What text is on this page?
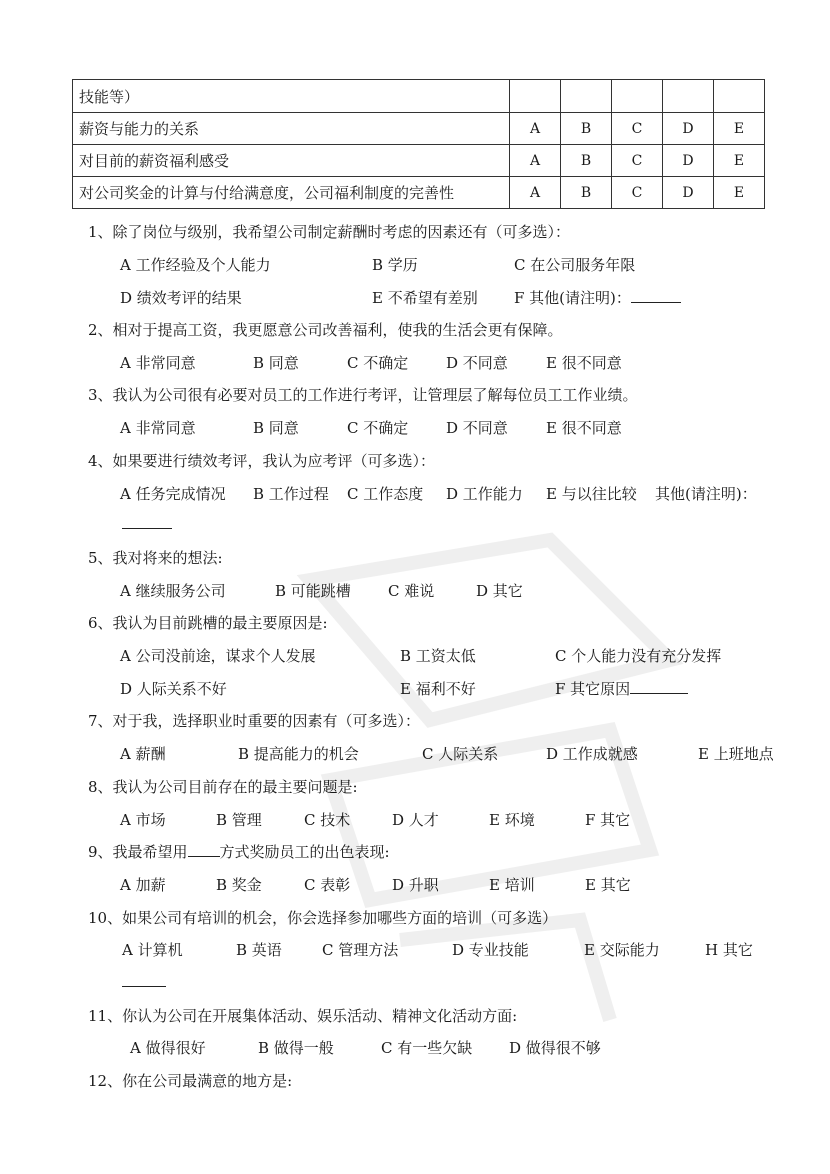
技能等）					
薪资与能力的关系	A	B	C	D	E
对目前的薪资福利感受	A	B	C	D	E
对公司奖金的计算与付给满意度，公司福利制度的完善性	A	B	C	D	E
1、除了岗位与级别，我希望公司制定薪酬时考虑的因素还有（可多选）：
A 工作经验及个人能力	B 学历	C 在公司服务年限
D 绩效考评的结果	E 不希望有差别 F 其他(请注明)：
2、相对于提高工资，我更愿意公司改善福利，使我的生活会更有保障。
A 非常同意	B 同意	C 不确定	D 不同意	E 很不同意
3、我认为公司很有必要对员工的工作进行考评，让管理层了解每位员工工作业绩。
A 非常同意	B 同意	C 不确定	D 不同意	E 很不同意
4、如果要进行绩效考评，我认为应考评（可多选）：
A 任务完成情况 B 工作过程 C 工作态度 D 工作能力 E 与以往比较 其他(请注明)：
5、我对将来的想法:
A 继续服务公司	B 可能跳槽 C 难说	D 其它
6、我认为目前跳槽的最主要原因是:
A 公司没前途，谋求个人发展	B 工资太低	C 个人能力没有充分发挥
D 人际关系不好	E 福利不好	F 其它原因
7、对于我，选择职业时重要的因素有（可多选）：
A 薪酬	B 提高能力的机会	C 人际关系	D 工作成就感	E 上班地点
8、我认为公司目前存在的最主要问题是:
A 市场	B 管理	C 技术	D 人才	E 环境	F 其它
9、我最希望用 方式奖励员工的出色表现:
A 加薪	B 奖金	C 表彰	D 升职	E 培训	E 其它
10、如果公司有培训的机会，你会选择参加哪些方面的培训（可多选）
A 计算机	B 英语	C 管理方法	D 专业技能	E 交际能力	H 其它
11、你认为公司在开展集体活动、娱乐活动、精神文化活动方面:
A 做得很好	B 做得一般	C 有一些欠缺 D 做得很不够
12、你在公司最满意的地方是:
